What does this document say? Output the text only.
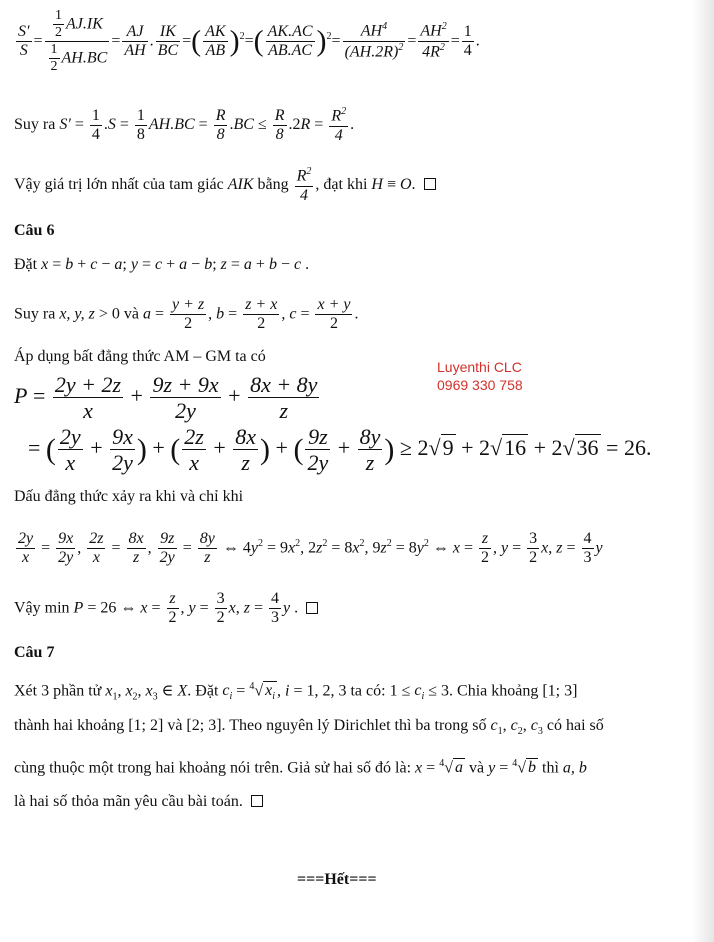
$\frac{S'}{S} = \frac{\frac{1}{2} AJ.IK}{\frac{1}{2} AH.BC} = \frac{AJ}{AH}$ . $\frac{IK}{BC}$ =( $\frac{AK}{AB} )^2=( \frac{AK.AC}{AB.AC} )^2= \frac{AH^4}{(AH.2R)^2} = \frac{AH^2}{4R^2} = \frac{1}{4}$ .
Suy ra $S' = \frac{1}{4} .S = \frac{1}{8} AH.BC = \frac{R}{8} .BC \le \frac{R}{8} .2R = \frac{R^2}{4}$ .
Vậy giá trị lớn nhất của tam giác AIK bằng $\frac{R^2}{4}$ , đạt khi H ≡ O.
Câu 6
Đặt x = b + c − a; y = c + a − b; z = a + b − c .
Suy ra x, y, z > 0 và $a = \frac{y + z}{2}$ , $b = \frac{z + x}{2}$ , $c = \frac{x + y}{2}$ .
Áp dụng bất đẳng thức AM – GM ta có
$P = \frac{2y + 2z}{x} + \frac{9z + 9x}{2y} + \frac{8x + 8y}{z}$
= ( $\frac{2y}{x} + \frac{9x}{2y}$ ) + ( $\frac{2z}{x} + \frac{8x}{z}$ ) + ( $\frac{9z}{2y} + \frac{8y}{z}$ ) ≥ 2√9 + 2√16 + 2√36 = 26.
Dấu đẳng thức xảy ra khi và chỉ khi
$\frac{2y}{x} = \frac{9x}{2y}$ , $\frac{2z}{x} = \frac{8x}{z}$ , $\frac{9z}{2y} = \frac{8y}{z}$ ⇔ $4y^2 = 9x^2$, $2z^2 = 8x^2$, $9z^2 = 8y^2$ ⇔ $x = \frac{z}{2}$ , $y = \frac{3}{2} x$, $z = \frac{4}{3}$ y
Vậy min P = 26 ⇔ $x = \frac{z}{2}$ , $y = \frac{3}{2} x$, $z = \frac{4}{3}$ y .
Câu 7
Xét 3 phần tử $x_1$, $x_2$, $x_3$ ∈ X. Đặt $c_i = ^4√$ $x_i$ , i = 1, 2, 3 ta có: $1 \le c_i \le 3$. Chia khoảng [1; 3]
thành hai khoảng [1; 2] và [2; 3]. Theo nguyên lý Dirichlet thì ba trong số $c_1$, $c_2$, $c_3$ có hai số
cùng thuộc một trong hai khoảng nói trên. Giả sử hai số đó là: x = $^4$√ a và y = $^4$√ b thì a, b
là hai số thỏa mãn yêu cầu bài toán.
===Hết===
Luyenthi CLC
0969 330 758
